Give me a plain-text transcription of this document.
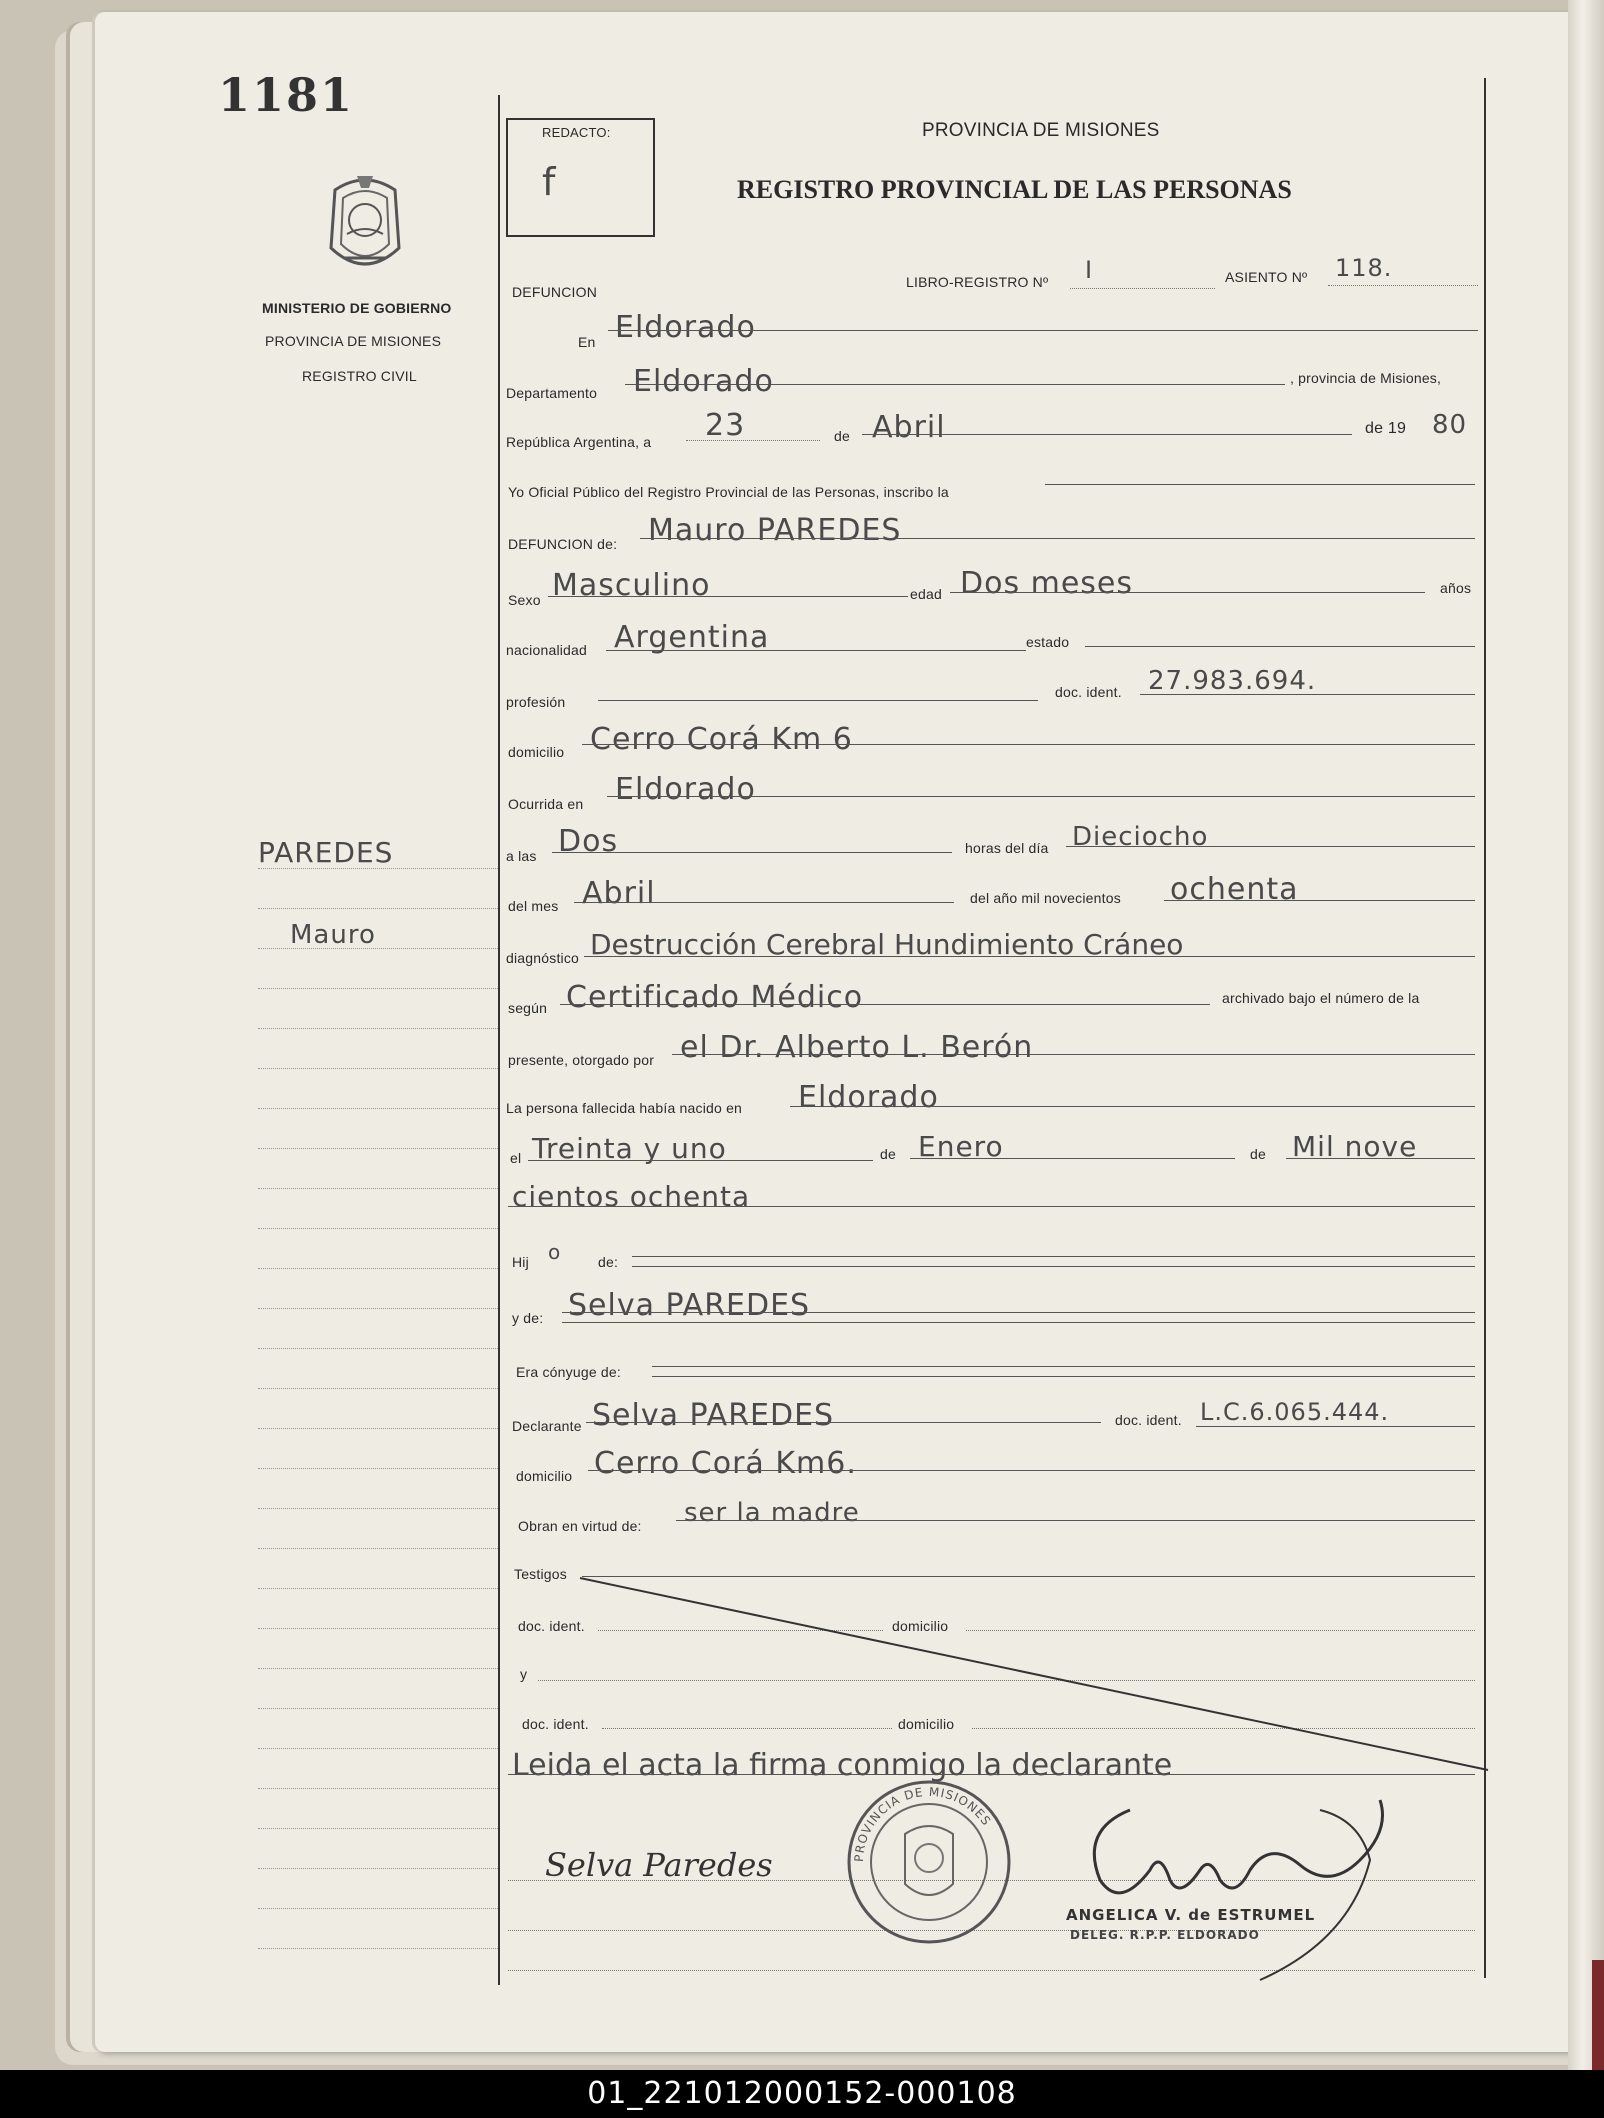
1181
MINISTERIO DE GOBIERNO
PROVINCIA DE MISIONES
REGISTRO CIVIL
PAREDES
Mauro
REDACTO:
f
PROVINCIA DE MISIONES
REGISTRO PROVINCIAL DE LAS PERSONAS
LIBRO-REGISTRO Nº I	ASIENTO Nº 118.
DEFUNCION
En Eldorado
Departamento Eldorado	, provincia de Misiones,
República Argentina, a 23	de Abril	de 19 80
Yo Oficial Público del Registro Provincial de las Personas, inscribo la
DEFUNCION de: Mauro PAREDES
Sexo Masculino	edad Dos meses	años
nacionalidad Argentina	estado
profesión
doc. ident. 27.983.694.
domicilio Cerro Corá Km 6
Ocurrida en Eldorado
a las Dos	horas del día Dieciocho
del mes Abril	del año mil novecientos ochenta
diagnóstico Destrucción Cerebral Hundimiento Cráneo
según Certificado Médico	archivado bajo el número de la
presente, otorgado por el Dr. Alberto L. Berón
La persona fallecida había nacido en Eldorado
el Treinta y uno	de Enero	de Mil nove
cientos ochenta
Hij o	de:
y de: Selva PAREDES
Era cónyuge de:
Declarante Selva PAREDES	doc. ident. L.C.6.065.444.
domicilio Cerro Corá Km6.
Obran en virtud de: ser la madre
Testigos
doc. ident.	domicilio
y
doc. ident.	domicilio
Leida el acta la firma conmigo la declarante
Selva Paredes	PROVINCIA DE MISIONES
ANGELICA V. de ESTRUMEL
DELEG. R.P.P. ELDORADO
01_221012000152-000108
